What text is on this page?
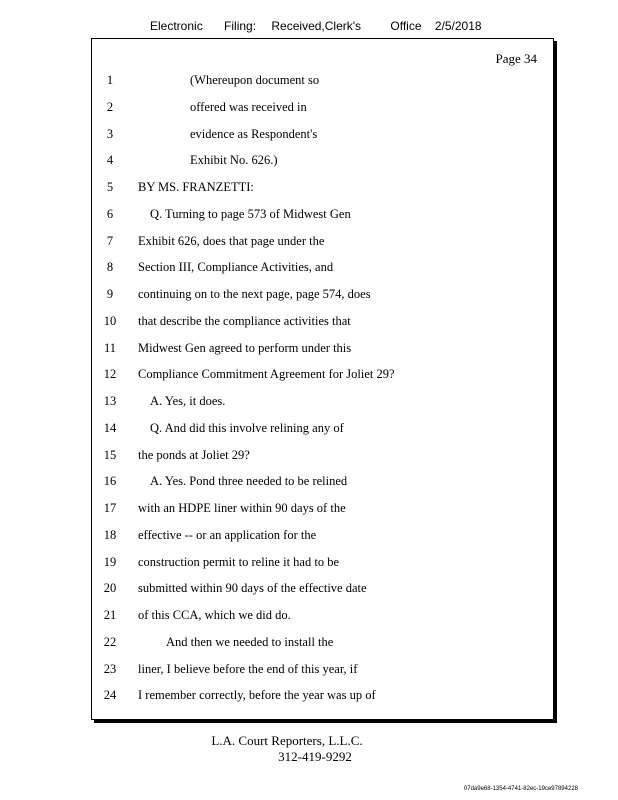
Electronic Filing: Received,Clerk's Office 2/5/2018
Page 34
1	(Whereupon document so
2	offered was received in
3	evidence as Respondent's
4	Exhibit No. 626.)
5	BY MS. FRANZETTI:
6	Q. Turning to page 573 of Midwest Gen
7	Exhibit 626, does that page under the
8	Section III, Compliance Activities, and
9	continuing on to the next page, page 574, does
10 that describe the compliance activities that
11 Midwest Gen agreed to perform under this
12 Compliance Commitment Agreement for Joliet 29?
13	A. Yes, it does.
14	Q. And did this involve relining any of
15 the ponds at Joliet 29?
16	A. Yes. Pond three needed to be relined
17 with an HDPE liner within 90 days of the
18 effective -- or an application for the
19 construction permit to reline it had to be
20 submitted within 90 days of the effective date
21 of this CCA, which we did do.
22	And then we needed to install the
23 liner, I believe before the end of this year, if
24 I remember correctly, before the year was up of
L.A. Court Reporters, L.L.C.
312-419-9292
07da9e68-1354-4741-82ec-19ce97894228
